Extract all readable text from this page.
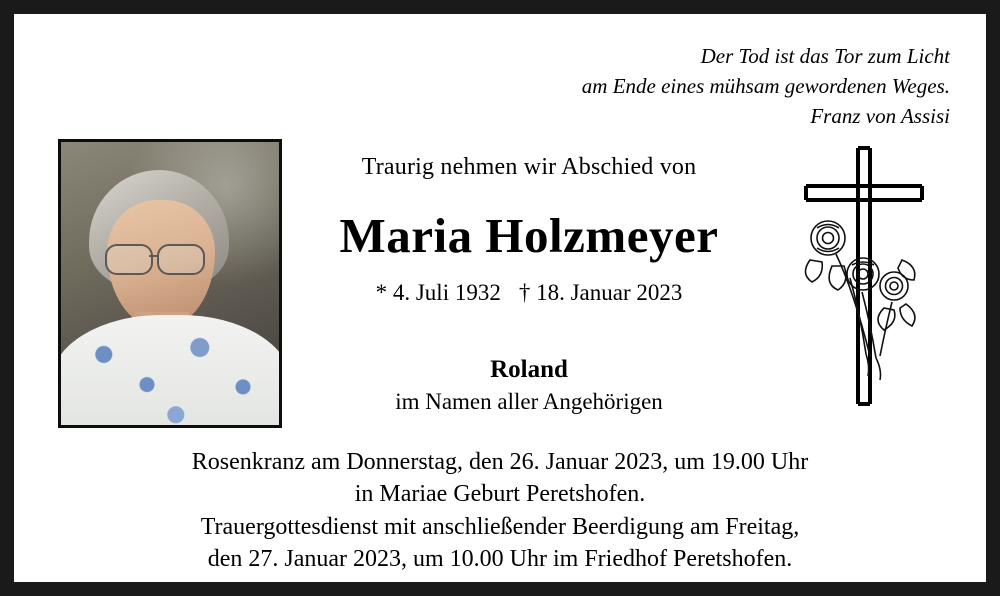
Der Tod ist das Tor zum Licht
am Ende eines mühsam gewordenen Weges.
Franz von Assisi
Traurig nehmen wir Abschied von
Maria Holzmeyer
* 4. Juli 1932 † 18. Januar 2023
Roland
im Namen aller Angehörigen
Rosenkranz am Donnerstag, den 26. Januar 2023, um 19.00 Uhr
in Mariae Geburt Peretshofen.
Trauergottesdienst mit anschließender Beerdigung am Freitag,
den 27. Januar 2023, um 10.00 Uhr im Friedhof Peretshofen.
